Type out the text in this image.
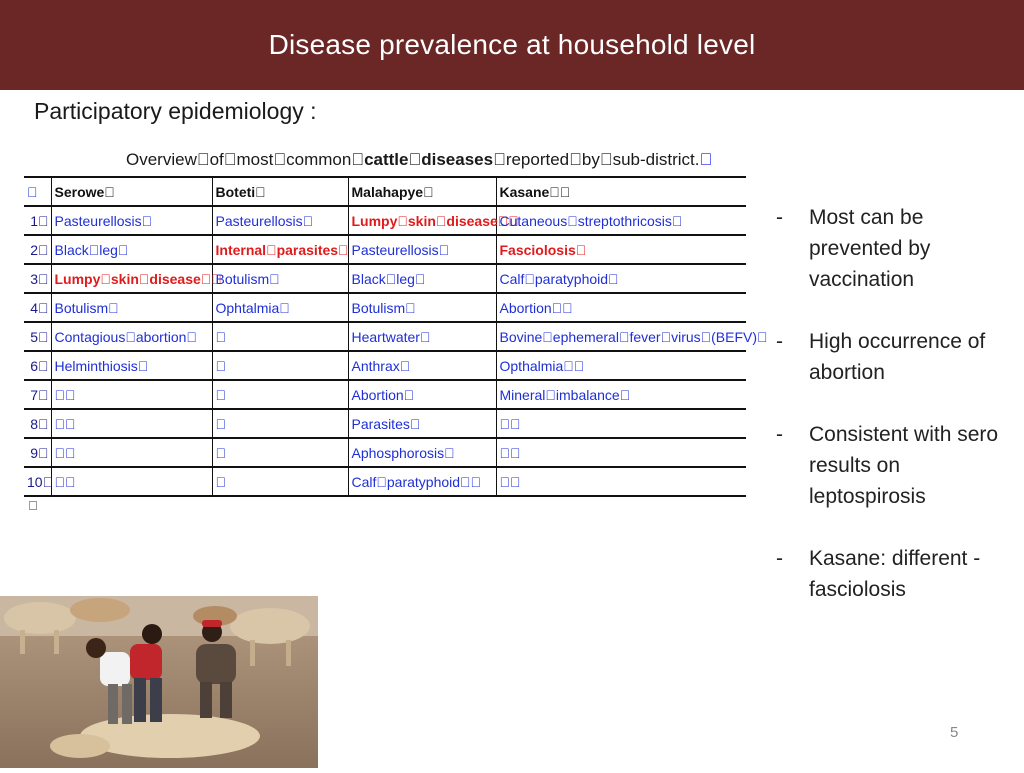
Disease prevalence at household level
Participatory epidemiology :
Overview of most common cattle diseases reported by sub-district. 
 	Serowe 	Boteti 	Malahapye 	Kasane  
1 	Pasteurellosis 	Pasteurellosis 	Lumpy skin disease  	Cutaneous streptothricosis 
2 	Black leg 	Internal parasites 	Pasteurellosis 	Fasciolosis 
3 	Lumpy skin disease  	Botulism 	Black leg 	Calf paratyphoid 
4 	Botulism 	Ophtalmia 	Botulism 	Abortion  
5 	Contagious abortion 	 	Heartwater 	Bovine ephemeral fever virus (BEFV) 
6 	Helminthiosis 	 	Anthrax 	Opthalmia  
7 	  	 	Abortion 	Mineral imbalance 
8 	  	 	Parasites 	  
9 	  	 	Aphosphorosis 	  
10 	  	 	Calf paratyphoid  	  
 
- Most can be prevented by vaccination
- High occurrence of abortion
- Consistent with sero results on leptospirosis
- Kasane: different - fasciolosis
5
